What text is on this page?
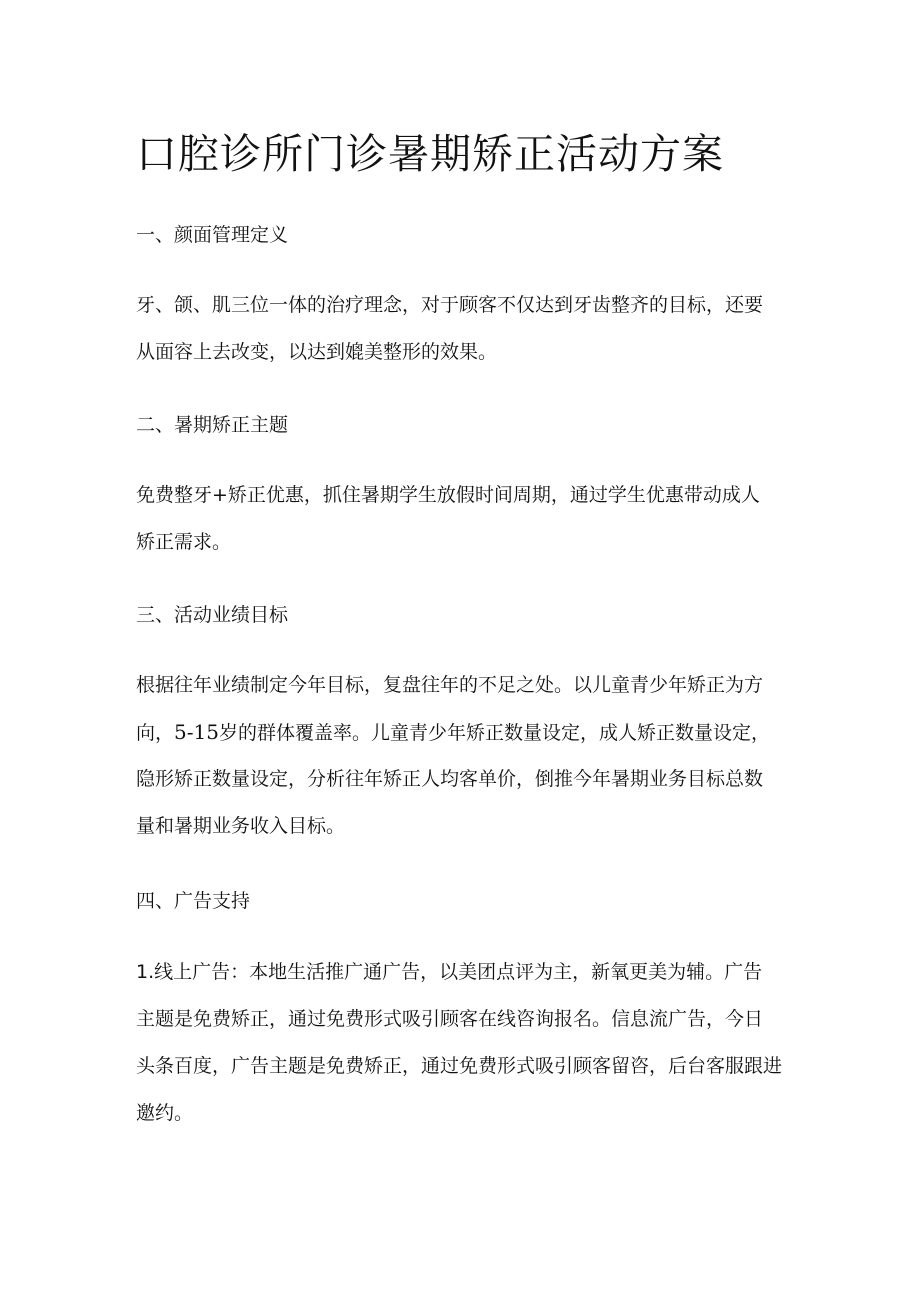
口腔诊所门诊暑期矫正活动方案
一、颜面管理定义

牙、颌、肌三位一体的治疗理念，对于顾客不仅达到牙齿整齐的目标，还要
从面容上去改变，以达到媲美整形的效果。

二、暑期矫正主题

免费整牙+矫正优惠，抓住暑期学生放假时间周期，通过学生优惠带动成人
矫正需求。

三、活动业绩目标

根据往年业绩制定今年目标，复盘往年的不足之处。以儿童青少年矫正为方
向，5-15岁的群体覆盖率。儿童青少年矫正数量设定，成人矫正数量设定，
隐形矫正数量设定，分析往年矫正人均客单价，倒推今年暑期业务目标总数
量和暑期业务收入目标。

四、广告支持

1.线上广告：本地生活推广通广告，以美团点评为主，新氧更美为辅。广告
主题是免费矫正，通过免费形式吸引顾客在线咨询报名。信息流广告，今日
头条百度，广告主题是免费矫正，通过免费形式吸引顾客留咨，后台客服跟进
邀约。
